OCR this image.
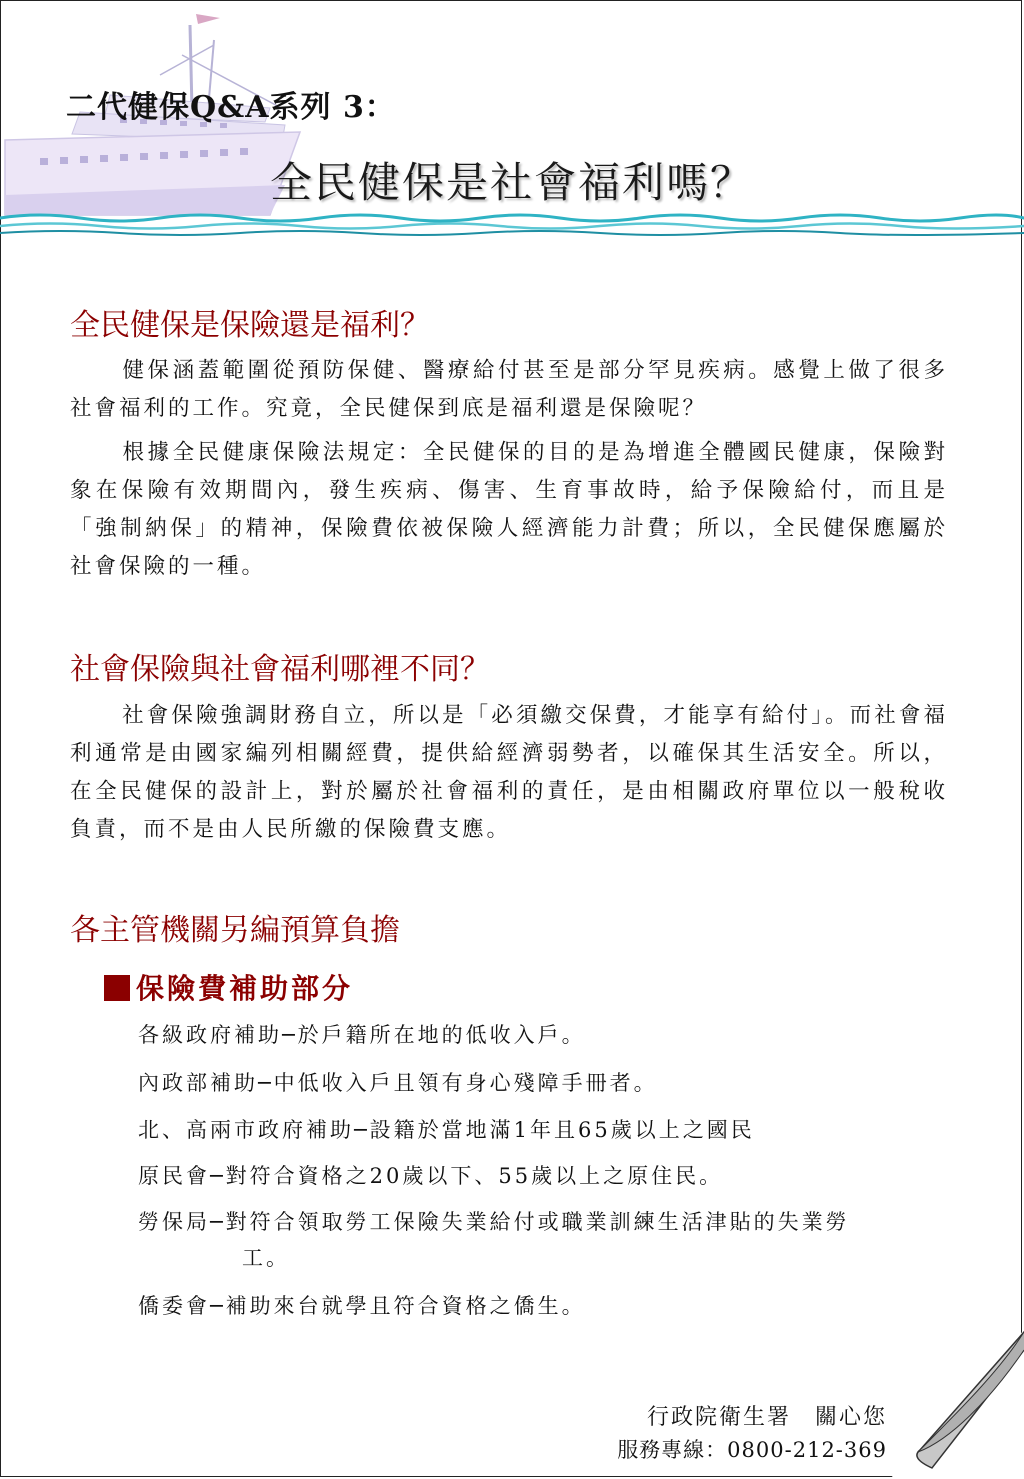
二代健保Q&A系列 3：
全民健保是社會福利嗎？
全民健保是保險還是福利？

健保涵蓋範圍從預防保健、醫療給付甚至是部分罕見疾病。感覺上做了很多社會福利的工作。究竟，全民健保到底是福利還是保險呢？

根據全民健康保險法規定：全民健保的目的是為增進全體國民健康，保險對象在保險有效期間內，發生疾病、傷害、生育事故時，給予保險給付，而且是「強制納保」的精神，保險費依被保險人經濟能力計費；所以，全民健保應屬於社會保險的一種。

社會保險與社會福利哪裡不同？

社會保險強調財務自立，所以是「必須繳交保費，才能享有給付」。而社會福利通常是由國家編列相關經費，提供給經濟弱勢者，以確保其生活安全。所以，在全民健保的設計上，對於屬於社會福利的責任，是由相關政府單位以一般稅收負責，而不是由人民所繳的保險費支應。

各主管機關另編預算負擔
保險費補助部分
各級政府補助─於戶籍所在地的低收入戶。
內政部補助─中低收入戶且領有身心殘障手冊者。
北、高兩市政府補助─設籍於當地滿1年且65歲以上之國民
原民會─對符合資格之20歲以下、55歲以上之原住民。
勞保局─對符合領取勞工保險失業給付或職業訓練生活津貼的失業勞
工。
僑委會─補助來台就學且符合資格之僑生。
行政院衛生署　關心您
服務專線：0800-212-369
